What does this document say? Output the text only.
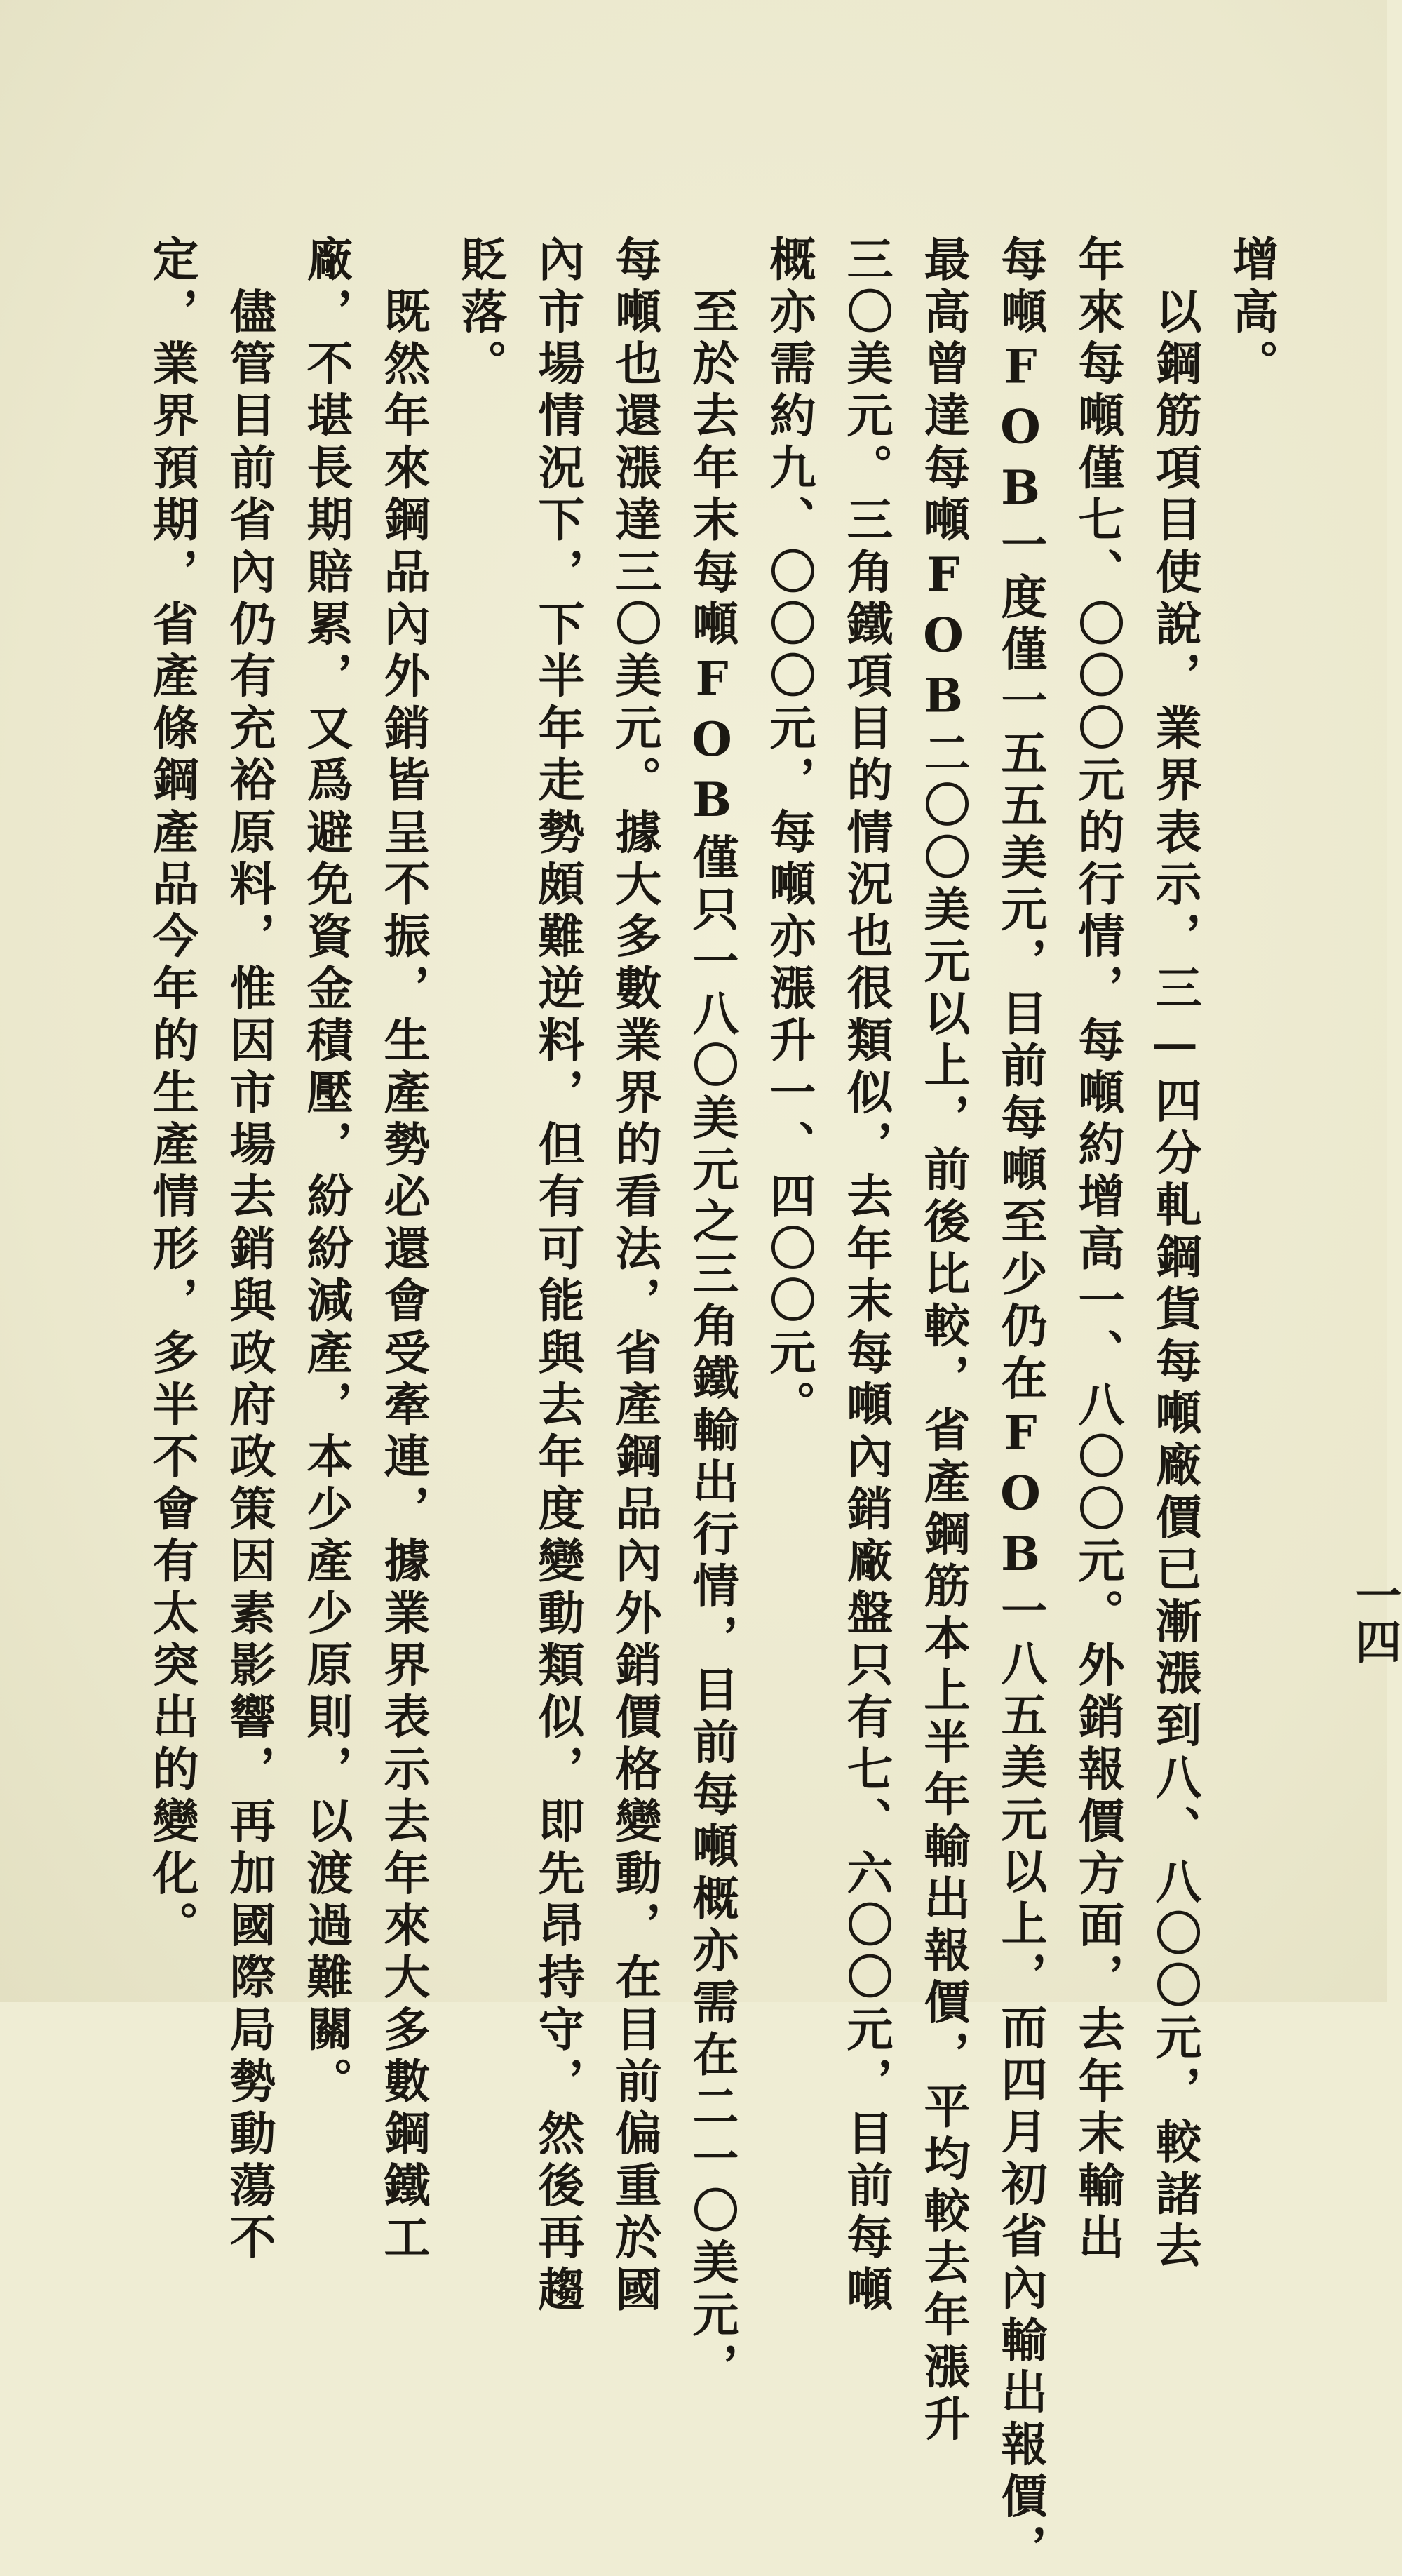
增高。
　以鋼筋項目使說，業界表示，三—四分軋鋼貨每噸廠價已漸漲到八、八〇〇元，較諸去
年來每噸僅七、〇〇〇元的行情，每噸約增高一、八〇〇元。外銷報價方面，去年末輸出
每噸FOB一度僅一五五美元，目前每噸至少仍在FOB一八五美元以上，而四月初省內輸出報價，
最高曾達每噸FOB二〇〇美元以上，前後比較，省產鋼筋本上半年輸出報價，平均較去年漲升
三〇美元。三角鐵項目的情況也很類似，去年末每噸內銷廠盤只有七、六〇〇元，目前每噸
概亦需約九、〇〇〇元，每噸亦漲升一、四〇〇元。
　至於去年末每噸FOB僅只一八〇美元之三角鐵輸出行情，目前每噸概亦需在二一〇美元，
每噸也還漲達三〇美元。據大多數業界的看法，省產鋼品內外銷價格變動，在目前偏重於國
內市場情況下，下半年走勢頗難逆料，但有可能與去年度變動類似，即先昂持守，然後再趨
貶落。
　既然年來鋼品內外銷皆呈不振，生產勢必還會受牽連，據業界表示去年來大多數鋼鐵工
廠，不堪長期賠累，又爲避免資金積壓，紛紛減產，本少產少原則，以渡過難關。
　儘管目前省內仍有充裕原料，惟因市場去銷與政府政策因素影響，再加國際局勢動蕩不
定，業界預期，省產條鋼產品今年的生產情形，多半不會有太突出的變化。	一四
